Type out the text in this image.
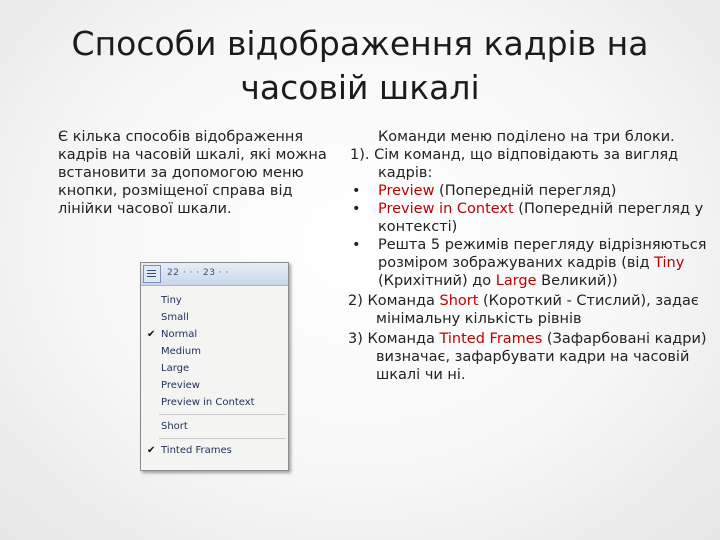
Способи відображення кадрів на
часовій шкалі
Є кілька способів відображення кадрів на часовій шкалі, які можна встановити за допомогою меню кнопки, розміщеної справа від лінійки часової шкали.
22 · · · 23 · ·
Tiny
Small
✔ Normal
Medium
Large
Preview
Preview in Context
Short
✔ Tinted Frames

Команди меню поділено на три блоки.

1). Сім команд, що відповідають за вигляд

кадрів:

•	Preview (Попередній перегляд)
•	Preview in Context (Попередній перегляд у контексті)
•	Решта 5 режимів перегляду відрізняються розміром зображуваних кадрів (від Tiny (Крихітний) до Large Великий))

2) Команда Short (Короткий - Стислий), задає мінімальну кількість рівнів

3) Команда Tinted Frames (Зафарбовані кадри) визначає, зафарбувати кадри на часовій шкалі чи ні.
